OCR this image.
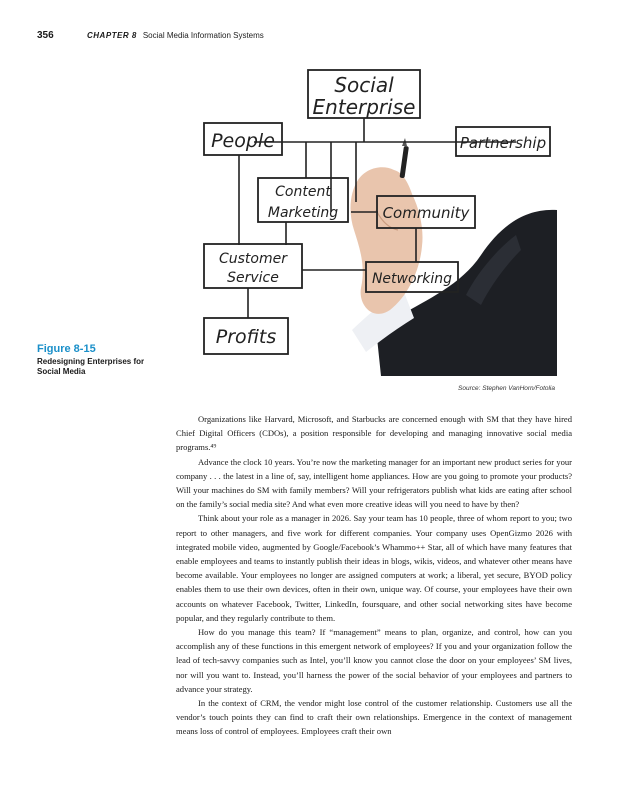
356	CHAPTER 8 Social Media Information Systems
Social
Enterprise
People	Partnership
Content
Marketing	Community
Customer
Service	Networking
Profits
Figure 8-15
Redesigning Enterprises for Social Media
Source: Stephen VanHorn/Fotolia

Organizations like Harvard, Microsoft, and Starbucks are concerned enough with SM that they have hired Chief Digital Officers (CDOs), a position responsible for developing and managing innovative social media programs.⁴⁹

Advance the clock 10 years. You’re now the marketing manager for an important new product series for your company . . . the latest in a line of, say, intelligent home appliances. How are you going to promote your products? Will your machines do SM with family members? Will your refrigerators publish what kids are eating after school on the family’s social media site? And what even more creative ideas will you need to have by then?

Think about your role as a manager in 2026. Say your team has 10 people, three of whom report to you; two report to other managers, and five work for different companies. Your company uses OpenGizmo 2026 with integrated mobile video, augmented by Google/Facebook’s Whammo++ Star, all of which have many features that enable employees and teams to instantly publish their ideas in blogs, wikis, videos, and whatever other means have become available. Your employees no longer are assigned computers at work; a liberal, yet secure, BYOD policy enables them to use their own devices, often in their own, unique way. Of course, your employees have their own accounts on whatever Facebook, Twitter, LinkedIn, foursquare, and other social networking sites have become popular, and they regularly contribute to them.

How do you manage this team? If “management” means to plan, organize, and control, how can you accomplish any of these functions in this emergent network of employees? If you and your organization follow the lead of tech-savvy companies such as Intel, you’ll know you cannot close the door on your employees’ SM lives, nor will you want to. Instead, you’ll harness the power of the social behavior of your employees and partners to advance your strategy.

In the context of CRM, the vendor might lose control of the customer relationship. Customers use all the vendor’s touch points they can find to craft their own relationships. Emergence in the context of management means loss of control of employees. Employees craft their own
